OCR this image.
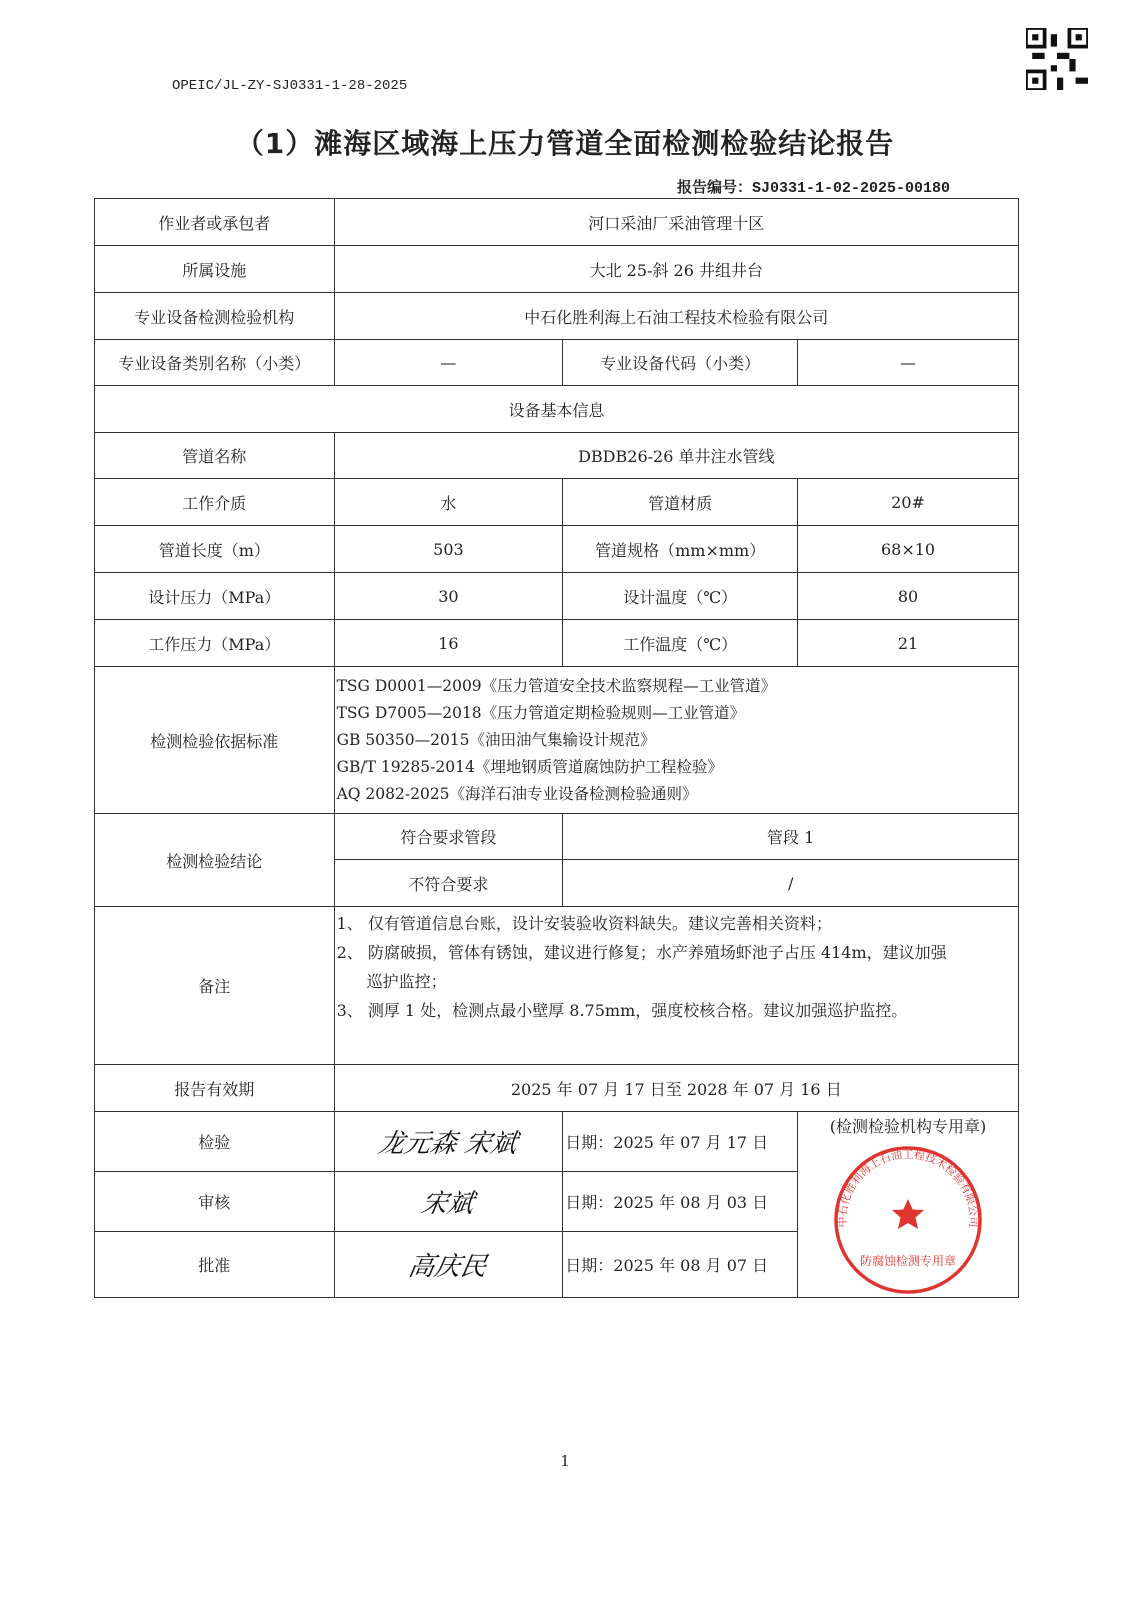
OPEIC/JL-ZY-SJ0331-1-28-2025
（1）滩海区域海上压力管道全面检测检验结论报告
报告编号：SJ0331-1-02-2025-00180
作业者或承包者	河口采油厂采油管理十区		
所属设施	大北 25-斜 26 井组井台		
专业设备检测检验机构	中石化胜利海上石油工程技术检验有限公司		
专业设备类别名称（小类）	—	专业设备代码（小类）	—
设备基本信息			
管道名称	DBDB26-26 单井注水管线		
工作介质	水	管道材质	20#
管道长度（m）	503	管道规格（mm×mm）	68×10
设计压力（MPa）	30	设计温度（℃）	80
工作压力（MPa）	16	工作温度（℃）	21
检测检验依据标准	TSG D0001—2009《压力管道安全技术监察规程—工业管道》
TSG D7005—2018《压力管道定期检验规则—工业管道》
GB 50350—2015《油田油气集输设计规范》
GB/T 19285-2014《埋地钢质管道腐蚀防护工程检验》
AQ 2082-2025《海洋石油专业设备检测检验通则》		

检测检验结论	符合要求管段	管段 1	
	不符合要求	/	
备注	1、 仅有管道信息台账，设计安装验收资料缺失。建议完善相关资料；
2、 防腐破损，管体有锈蚀，建议进行修复；水产养殖场虾池子占压 414m，建议加强
巡护监控；
3、 测厚 1 处，检测点最小壁厚 8.75mm，强度校核合格。建议加强巡护监控。		

报告有效期	2025 年 07 月 17 日至 2028 年 07 月 16 日		
检验	龙元森 宋斌	日期：2025 年 07 月 17 日	(检测检验机构专用章)
中石化胜利海上石油工程技术检验有限公司
防腐蚀检测专用章

审核	宋斌	日期：2025 年 08 月 03 日	
批准	高庆民	日期：2025 年 08 月 07 日	
1
